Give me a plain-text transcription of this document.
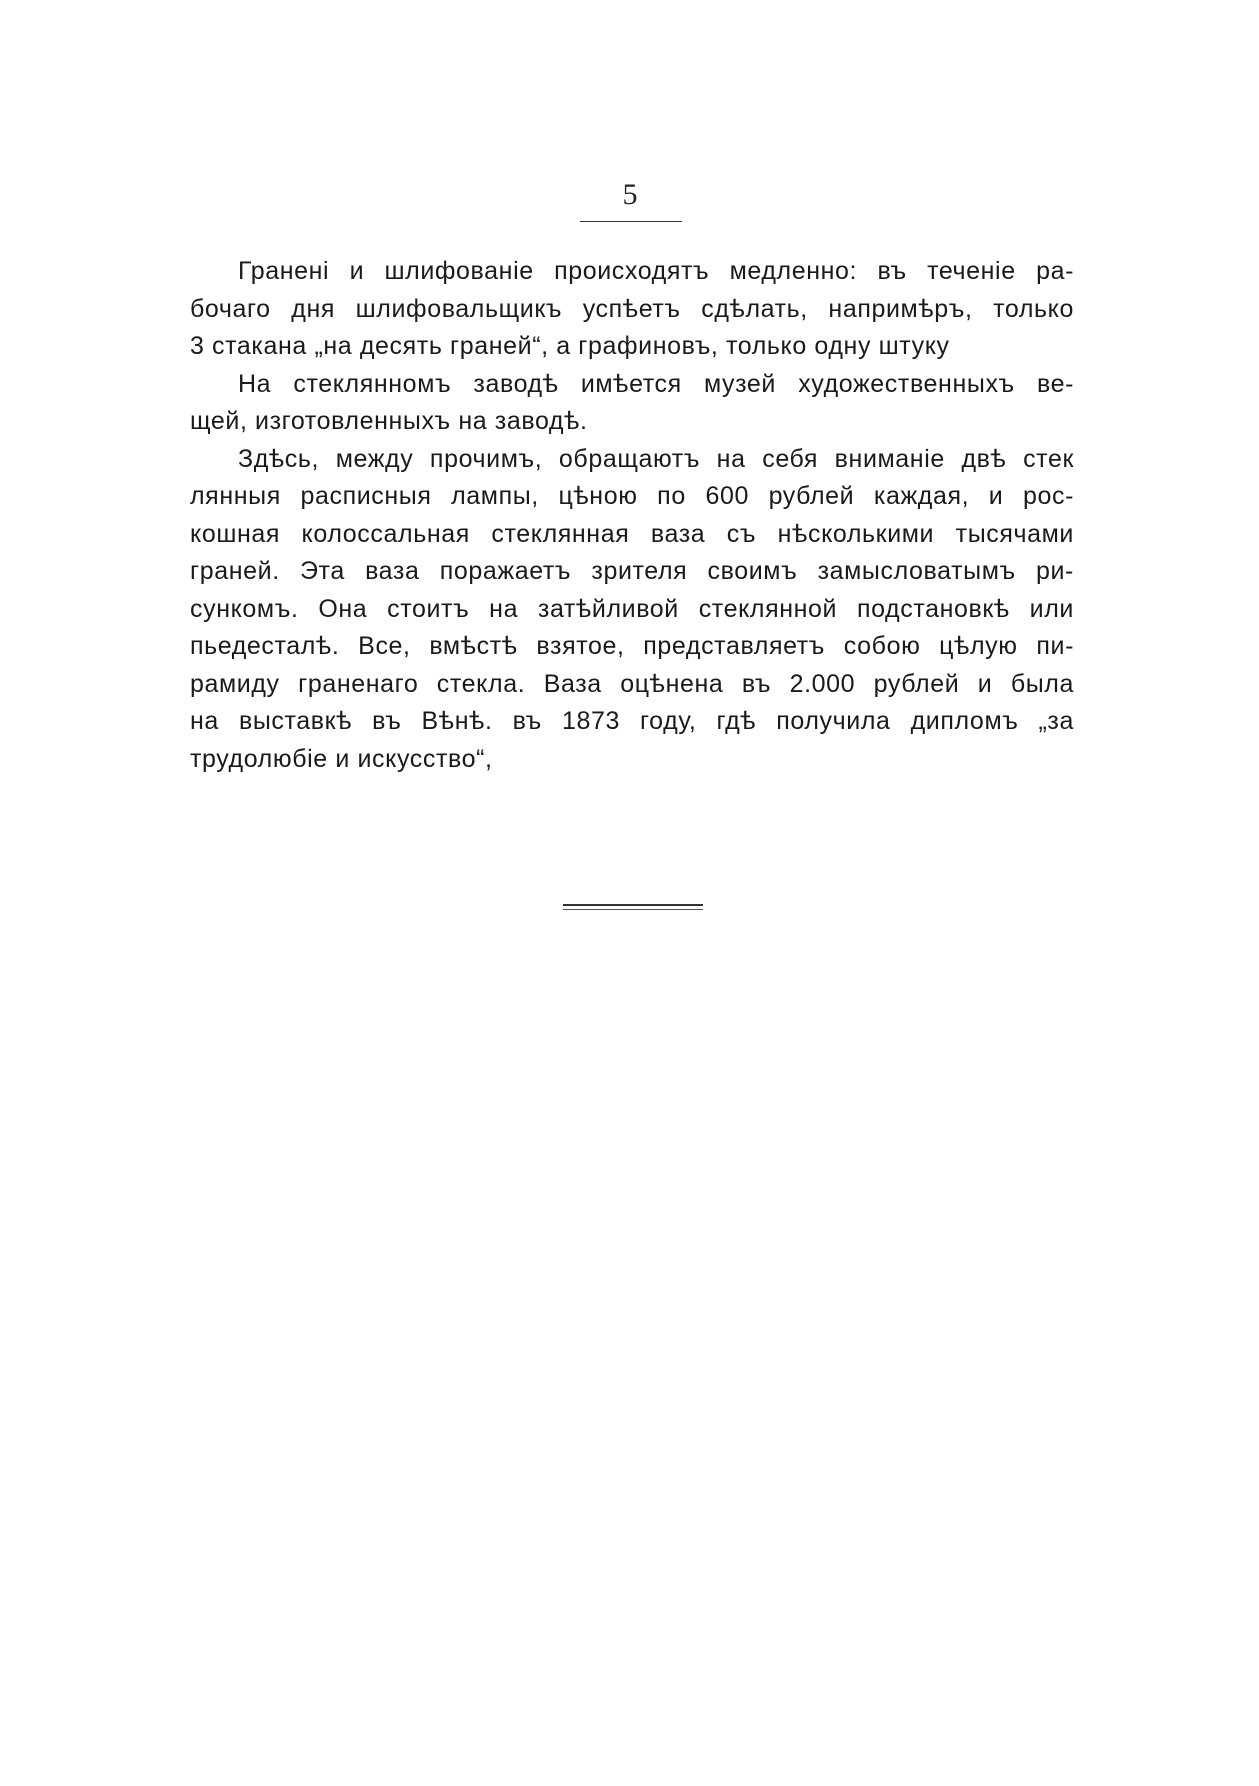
5
Гранені и шлифованіе происходятъ медленно: въ теченіе ра-
бочаго дня шлифовальщикъ успѣетъ сдѣлать, напримѣръ, только
3 стакана „на десять граней“, а графиновъ, только одну штуку
На стеклянномъ заводѣ имѣется музей художественныхъ ве-
щей, изготовленныхъ на заводѣ.
Здѣсь, между прочимъ, обращаютъ на себя вниманіе двѣ стек
лянныя расписныя лампы, цѣною по 600 рублей каждая, и рос-
кошная колоссальная стеклянная ваза съ нѣсколькими тысячами
граней. Эта ваза поражаетъ зрителя своимъ замысловатымъ ри-
сункомъ. Она стоитъ на затѣйливой стеклянной подстановкѣ или
пьедесталѣ. Все, вмѣстѣ взятое, представляетъ собою цѣлую пи-
рамиду граненаго стекла. Ваза оцѣнена въ 2.000 рублей и была
на выставкѣ въ Вѣнѣ. въ 1873 году, гдѣ получила дипломъ „за
трудолюбіе и искусство“,
